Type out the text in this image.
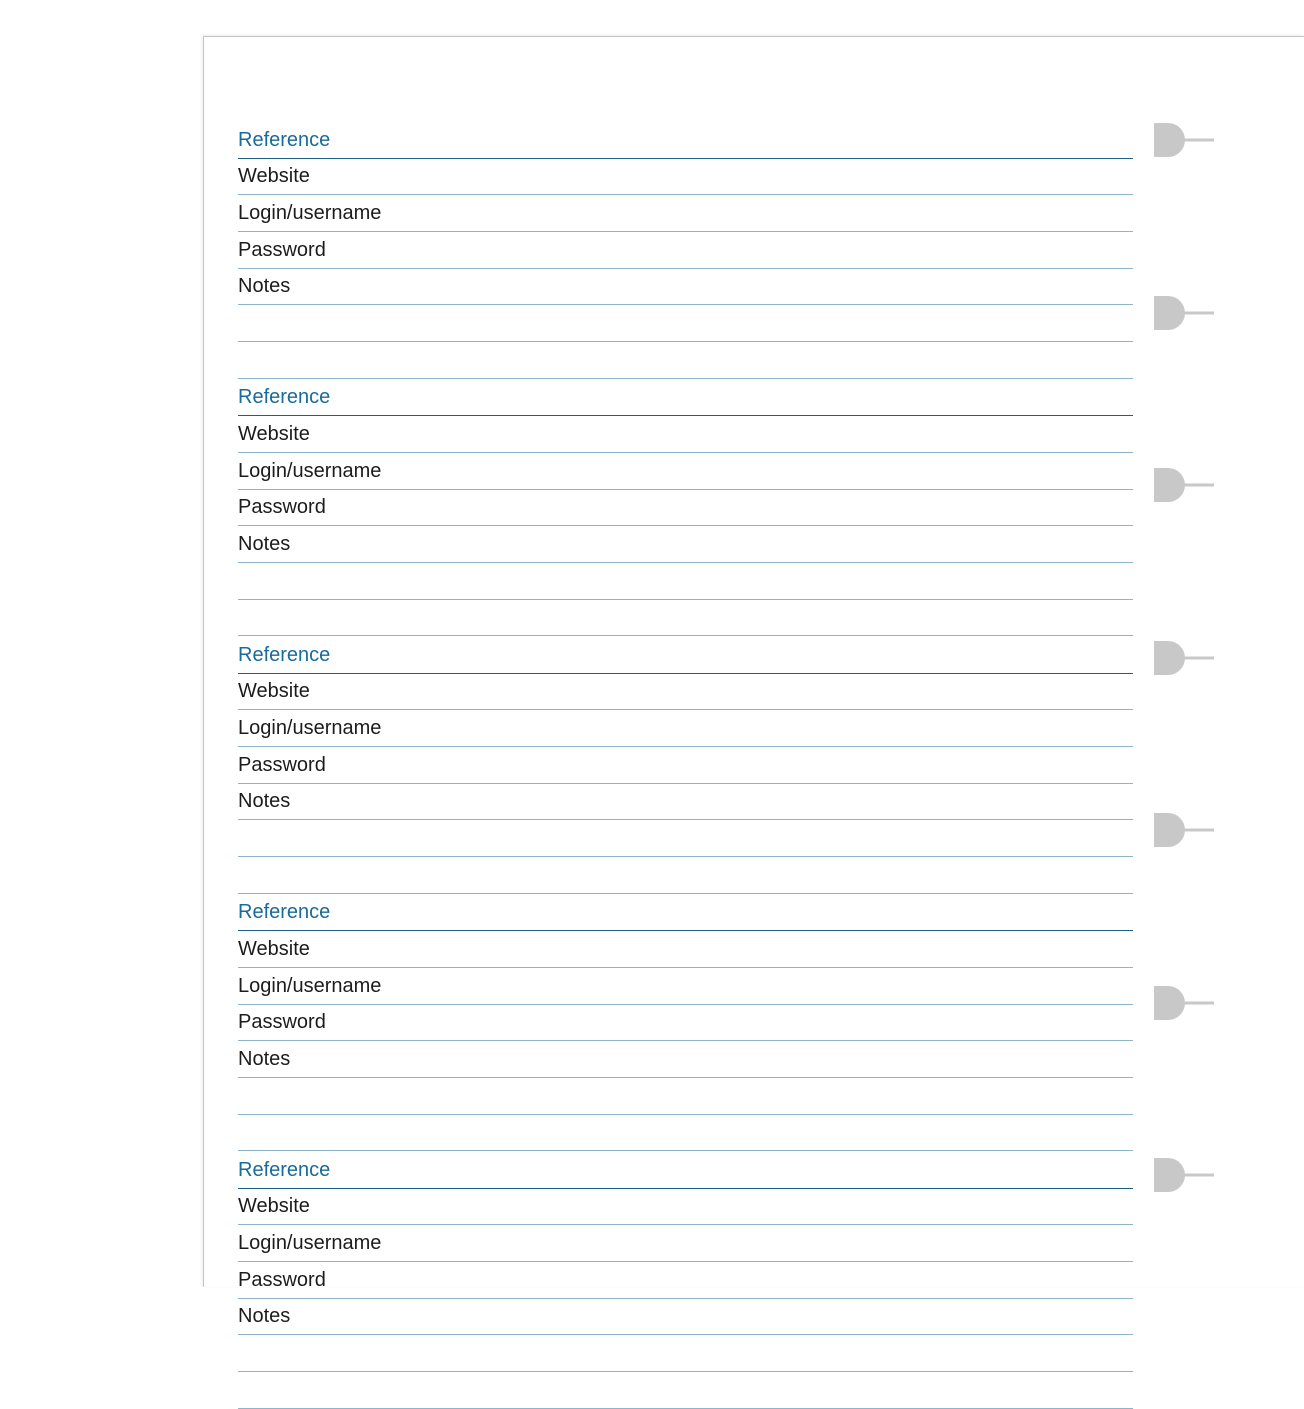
Reference
Website
Login/username
Password
Notes
Reference
Website
Login/username
Password
Notes
Reference
Website
Login/username
Password
Notes
Reference
Website
Login/username
Password
Notes
Reference
Website
Login/username
Password
Notes
